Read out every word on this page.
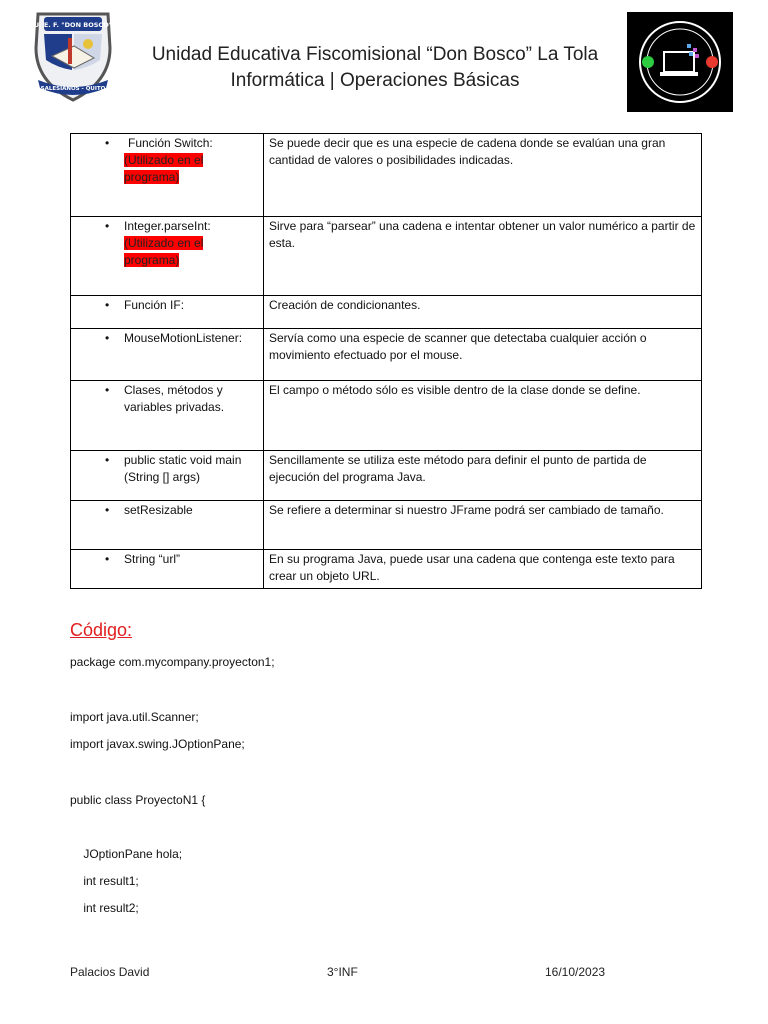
U. E. F. "DON BOSCO"
SALESIANOS - QUITO
Unidad Educativa Fiscomisional “Don Bosco” La Tola
Informática | Operaciones Básicas
• Función Switch:
(Utilizado en el programa)	Se puede decir que es una especie de cadena donde se evalúan una gran cantidad de valores o posibilidades indicadas.

• Integer.parseInt:
(Utilizado en el programa)	Sirve para “parsear” una cadena e intentar obtener un valor numérico a partir de esta.

• Función IF:	Creación de condicionantes.

• MouseMotionListener:	Servía como una especie de scanner que detectaba cualquier acción o movimiento efectuado por el mouse.

• Clases, métodos y variables privadas.	El campo o método sólo es visible dentro de la clase donde se define.

• public static void main (String [] args)	Sencillamente se utiliza este método para definir el punto de partida de ejecución del programa Java.

• setResizable	Se refiere a determinar si nuestro JFrame podrá ser cambiado de tamaño.

• String “url”	En su programa Java, puede usar una cadena que contenga este texto para crear un objeto URL.
Código:
package com.mycompany.proyecton1;
import java.util.Scanner;
import javax.swing.JOptionPane;
public class ProyectoN1 {
JOptionPane hola;
int result1;
int result2;
Palacios David	3°INF	16/10/2023
